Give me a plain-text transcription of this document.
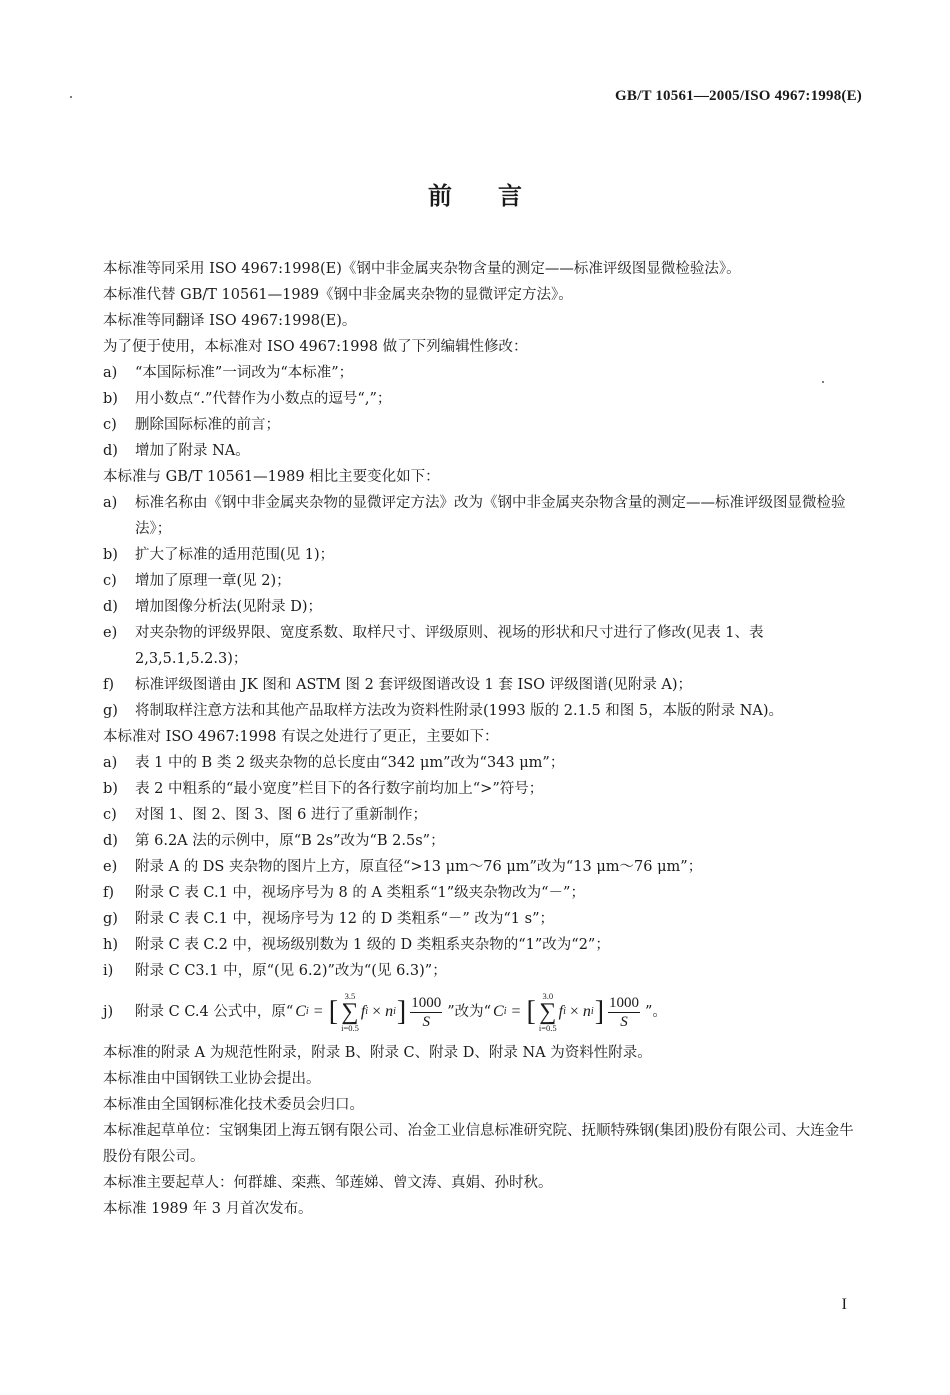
GB/T 10561—2005/ISO 4967:1998(E)
前言

本标准等同采用 ISO 4967:1998(E)《钢中非金属夹杂物含量的测定——标准评级图显微检验法》。

本标准代替 GB/T 10561—1989《钢中非金属夹杂物的显微评定方法》。

本标准等同翻译 ISO 4967:1998(E)。

为了便于使用，本标准对 ISO 4967:1998 做了下列编辑性修改：

a)	“本国际标准”一词改为“本标准”；
b)	用小数点“.”代替作为小数点的逗号“,”；
c)	删除国际标准的前言；
d)	增加了附录 NA。

本标准与 GB/T 10561—1989 相比主要变化如下：

a)	标准名称由《钢中非金属夹杂物的显微评定方法》改为《钢中非金属夹杂物含量的测定——标准评级图显微检验法》；
b)	扩大了标准的适用范围(见 1)；
c)	增加了原理一章(见 2)；
d)	增加图像分析法(见附录 D)；
e)	对夹杂物的评级界限、宽度系数、取样尺寸、评级原则、视场的形状和尺寸进行了修改(见表 1、表 2,3,5.1,5.2.3)；
f)	标准评级图谱由 JK 图和 ASTM 图 2 套评级图谱改设 1 套 ISO 评级图谱(见附录 A)；
g)	将制取样注意方法和其他产品取样方法改为资料性附录(1993 版的 2.1.5 和图 5，本版的附录 NA)。

本标准对 ISO 4967:1998 有误之处进行了更正，主要如下：

a)	表 1 中的 B 类 2 级夹杂物的总长度由“342 μm”改为“343 μm”；
b)	表 2 中粗系的“最小宽度”栏目下的各行数字前均加上“>”符号；
c)	对图 1、图 2、图 3、图 6 进行了重新制作；
d)	第 6.2A 法的示例中，原“B 2s”改为“B 2.5s”；
e)	附录 A 的 DS 夹杂物的图片上方，原直径“>13 μm～76 μm”改为“13 μm～76 μm”；
f)	附录 C 表 C.1 中，视场序号为 8 的 A 类粗系“1”级夹杂物改为“－”；
g)	附录 C 表 C.1 中，视场序号为 12 的 D 类粗系“－” 改为“1 s”；
h)	附录 C 表 C.2 中，视场级别数为 1 级的 D 类粗系夹杂物的“1”改为“2”；
i)	附录 C C3.1 中，原“(见 6.2)”改为“(见 6.3)”；
j)	附录 C C.4 公式中，原“ C i = [ 3.5
∑
i=0.5
f i × n i ] $\frac{1000}{S}$ ”改为“ C i = [ 3.0
∑
i=0.5
f i × n i ] $\frac{1000}{S}$ ”。

本标准的附录 A 为规范性附录，附录 B、附录 C、附录 D、附录 NA 为资料性附录。

本标准由中国钢铁工业协会提出。

本标准由全国钢标准化技术委员会归口。

本标准起草单位：宝钢集团上海五钢有限公司、冶金工业信息标准研究院、抚顺特殊钢(集团)股份有限公司、大连金牛股份有限公司。

本标准主要起草人：何群雄、栾燕、邹莲娣、曾文涛、真娟、孙时秋。

本标准 1989 年 3 月首次发布。

I
